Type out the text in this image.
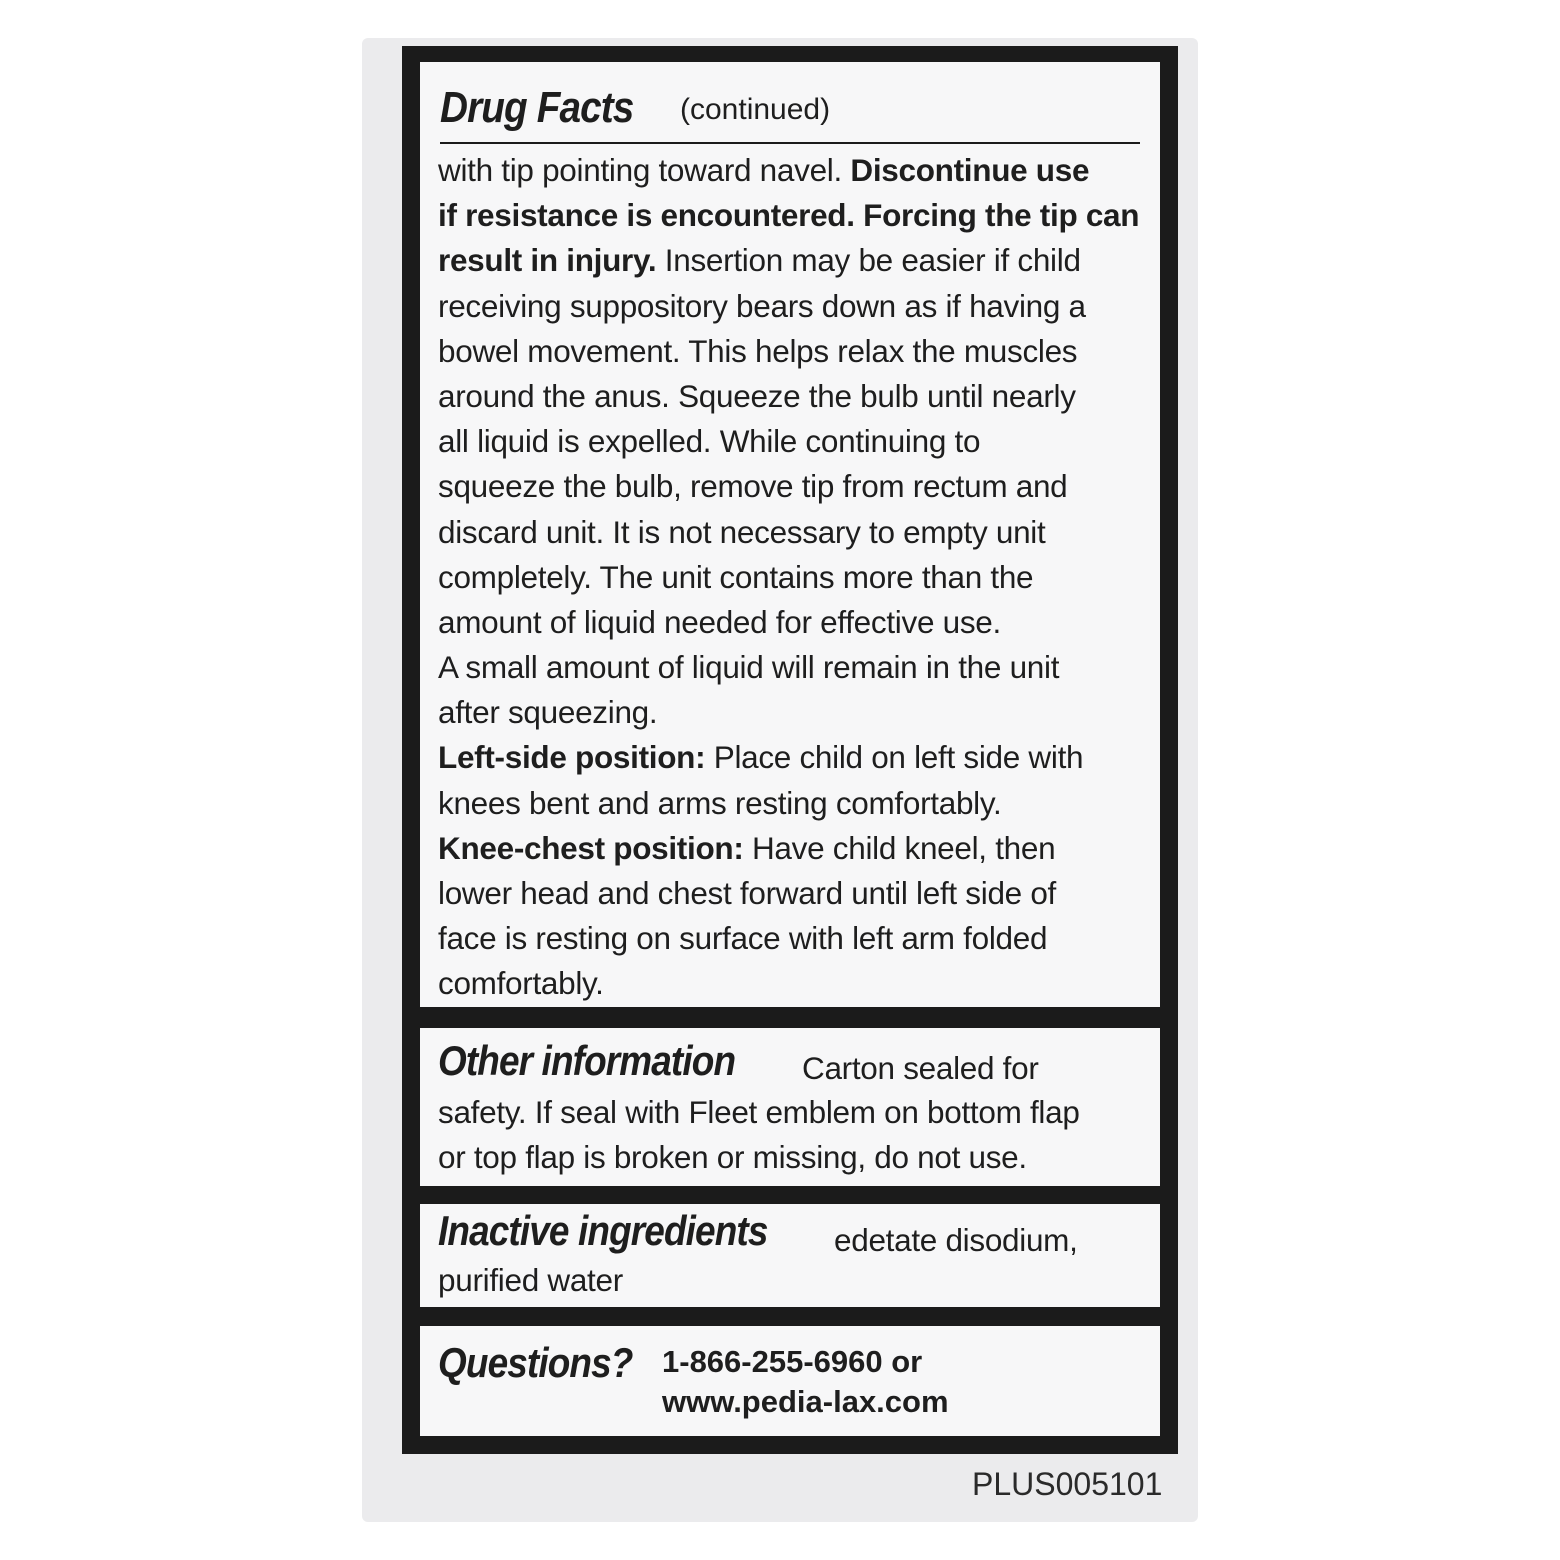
Drug Facts (continued)
with tip pointing toward navel. Discontinue use
if resistance is encountered. Forcing the tip can
result in injury. Insertion may be easier if child
receiving suppository bears down as if having a
bowel movement. This helps relax the muscles
around the anus. Squeeze the bulb until nearly
all liquid is expelled. While continuing to
squeeze the bulb, remove tip from rectum and
discard unit. It is not necessary to empty unit
completely. The unit contains more than the
amount of liquid needed for effective use.
A small amount of liquid will remain in the unit
after squeezing.
Left-side position: Place child on left side with
knees bent and arms resting comfortably.
Knee-chest position: Have child kneel, then
lower head and chest forward until left side of
face is resting on surface with left arm folded
comfortably.
Other information Carton sealed for
safety. If seal with Fleet emblem on bottom flap
or top flap is broken or missing, do not use.
Inactive ingredients edetate disodium,
purified water
Questions? 1-866-255-6960 or
www.pedia-lax.com
PLUS005101
